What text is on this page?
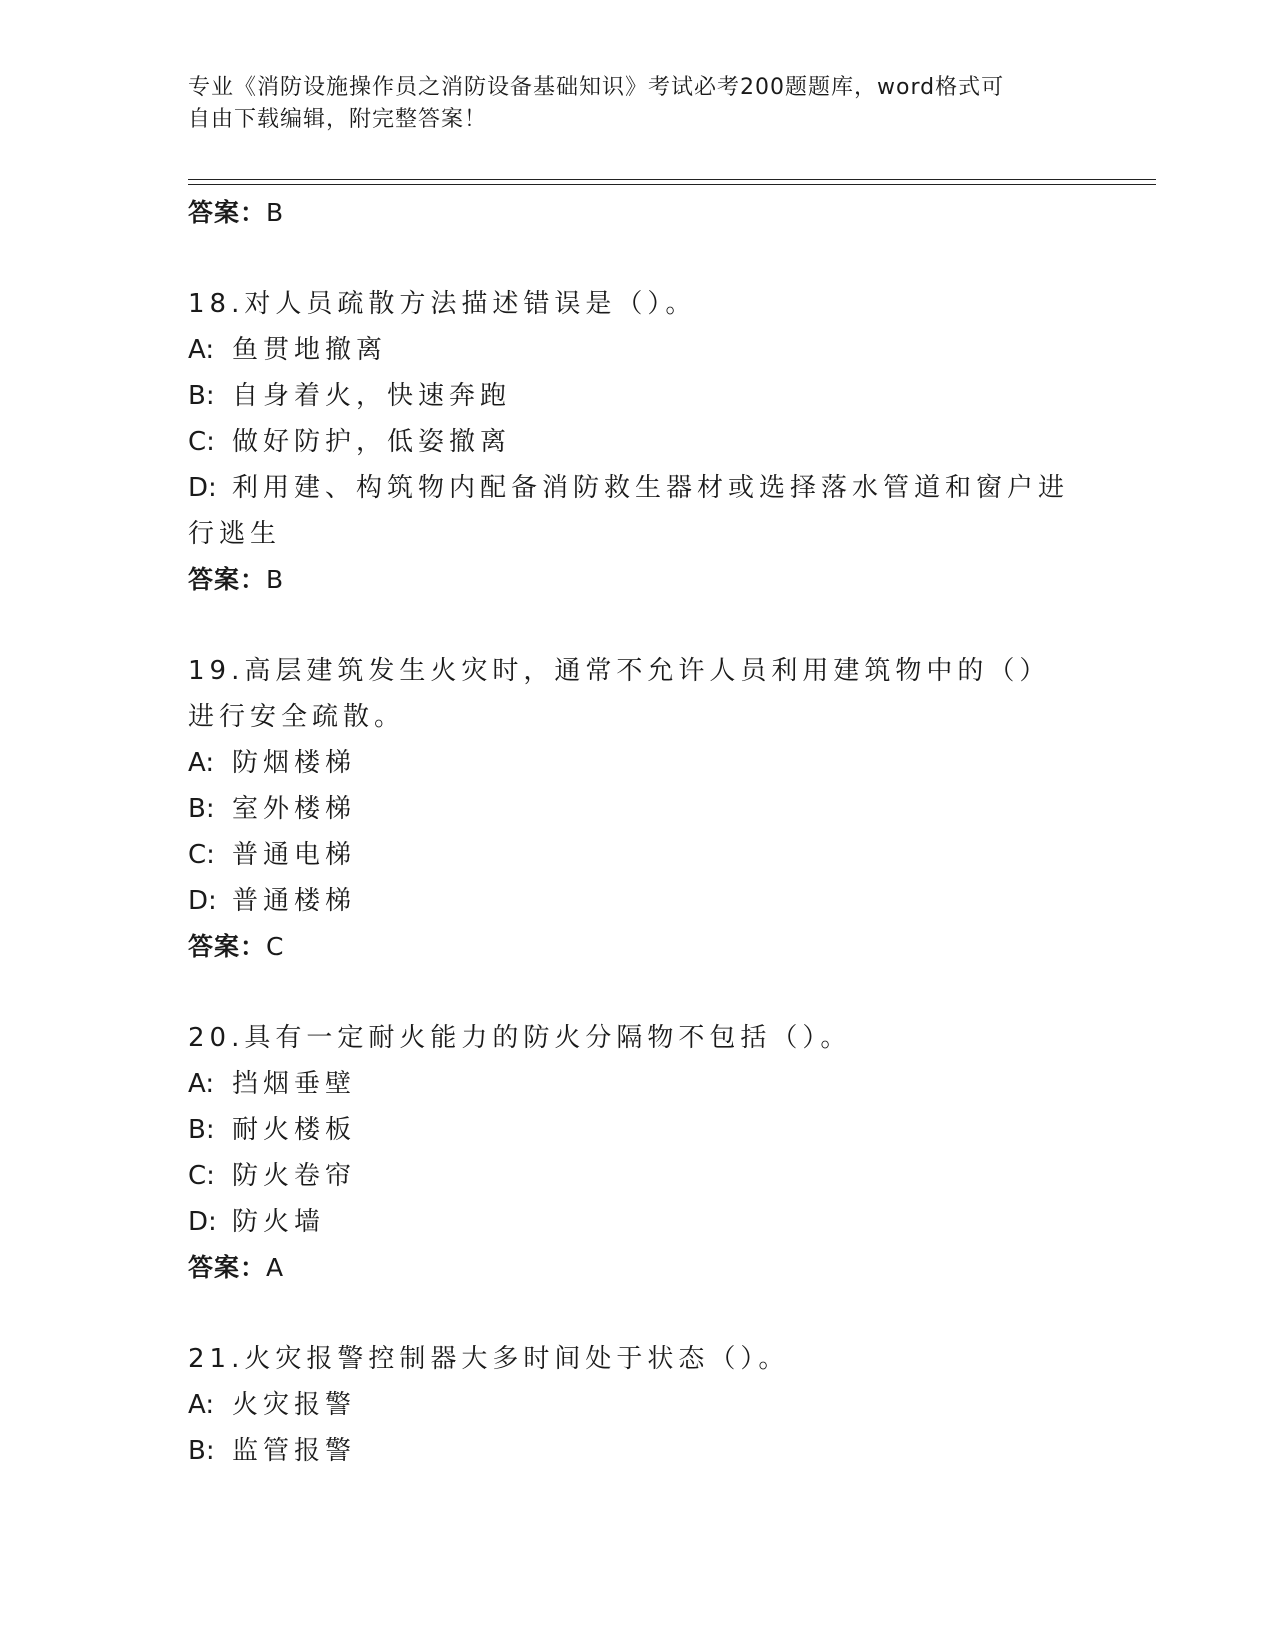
专业《消防设施操作员之消防设备基础知识》考试必考200题题库，word格式可
自由下载编辑，附完整答案！
答案：B
18.对人员疏散方法描述错误是（）。
A: 鱼贯地撤离
B: 自身着火，快速奔跑
C: 做好防护，低姿撤离
D: 利用建、构筑物内配备消防救生器材或选择落水管道和窗户进行逃生
答案：B
19.高层建筑发生火灾时，通常不允许人员利用建筑物中的（）进行安全疏散。
A: 防烟楼梯
B: 室外楼梯
C: 普通电梯
D: 普通楼梯
答案：C
20.具有一定耐火能力的防火分隔物不包括（）。
A: 挡烟垂壁
B: 耐火楼板
C: 防火卷帘
D: 防火墙
答案：A
21.火灾报警控制器大多时间处于状态（）。
A: 火灾报警
B: 监管报警
